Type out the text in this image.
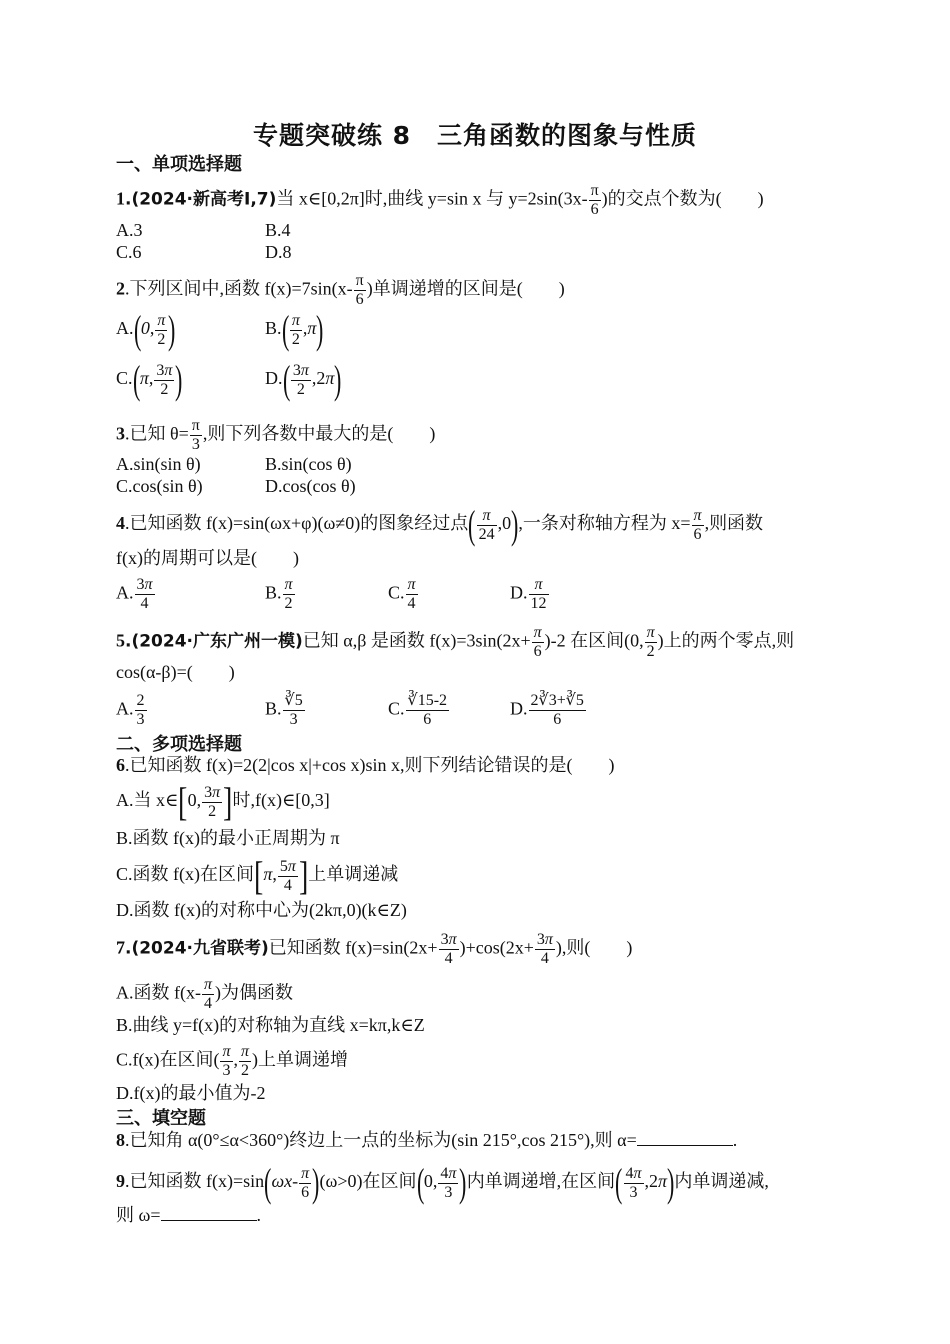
专题突破练 8　三角函数的图象与性质
一、单项选择题
1.(2024·新高考Ⅰ,7)当 x∈[0,2π]时,曲线 y=sin x 与 $y=2\sin(3x- \frac{\pi}{6}$ )的交点个数为(　　)
A.3	B.4
C.6	D.8
2.下列区间中,函数 $f(x)=7\sin(x- \frac{\pi}{6}$ )单调递增的区间是(　　)
A.(0, $\frac{\pi}{2}$ )	$B.( \frac{\pi}{2} ,\pi)$
C.(π, $\frac{3\pi}{2}$ )	$D.( \frac{3\pi}{2} ,2\pi)$
3.已知 $\theta= \frac{\pi}{3}$ ,则下列各数中最大的是(　　)
A.sin(sin θ)	B.sin(cos θ)
C.cos(sin θ)	D.cos(cos θ)
4.已知函数 f(x)=sin(ωx+φ)(ω≠0)的图象经过点( $\frac{\pi}{24} ,0$),一条对称轴方程为 $x= \frac{\pi}{6}$ ,则函数
f(x)的周期可以是(　　)
A. $\frac{3\pi}{4}$	B. $\frac{\pi}{2}$	C. $\frac{\pi}{4}$	D. $\frac{\pi}{12}$
5.(2024·广东广州一模)已知 α,β 是函数 $f(x)=3\sin(2x+ \frac{\pi}{6} )-2$ 在区间(0, $\frac{\pi}{2}$ )上的两个零点,则
cos(α-β)=(　　)
A. $\frac{2}{3}$	B. $\frac{∛5}{3}$	C. $\frac{∛15-2}{6}$	D. $\frac{2∛3+∛5}{6}$
二、多项选择题
6.已知函数 f(x)=2(2|cos x|+cos x)sin x,则下列结论错误的是(　　)
A.当 x∈[0, $\frac{3\pi}{2}$ ]时,f(x)∈[0,3]
B.函数 f(x)的最小正周期为 π
C.函数 f(x)在区间[π, $\frac{5\pi}{4}$ ]上单调递减
D.函数 f(x)的对称中心为(2kπ,0)(k∈Z)
7.(2024·九省联考)已知函数 $f(x)=\sin(2x+ \frac{3\pi}{4} )+\cos(2x+ \frac{3\pi}{4}$ ),则(　　)
A.函数 $f(x- \frac{\pi}{4}$ )为偶函数
B.曲线 y=f(x)的对称轴为直线 x=kπ,k∈Z
C.f(x)在区间( $\frac{\pi}{3}$ , $\frac{\pi}{2}$ )上单调递增
D.f(x)的最小值为-2
三、填空题
8.已知角 α(0°≤α<360°)终边上一点的坐标为(sin 215°,cos 215°),则 α=	.
9.已知函数 $f(x)=\sin(\omega x- \frac{\pi}{6} )(\omega>0)$在区间(0, $\frac{4\pi}{3}$ )内单调递增,在区间( $\frac{4\pi}{3} ,2\pi$)内单调递减,
则 ω=	.
